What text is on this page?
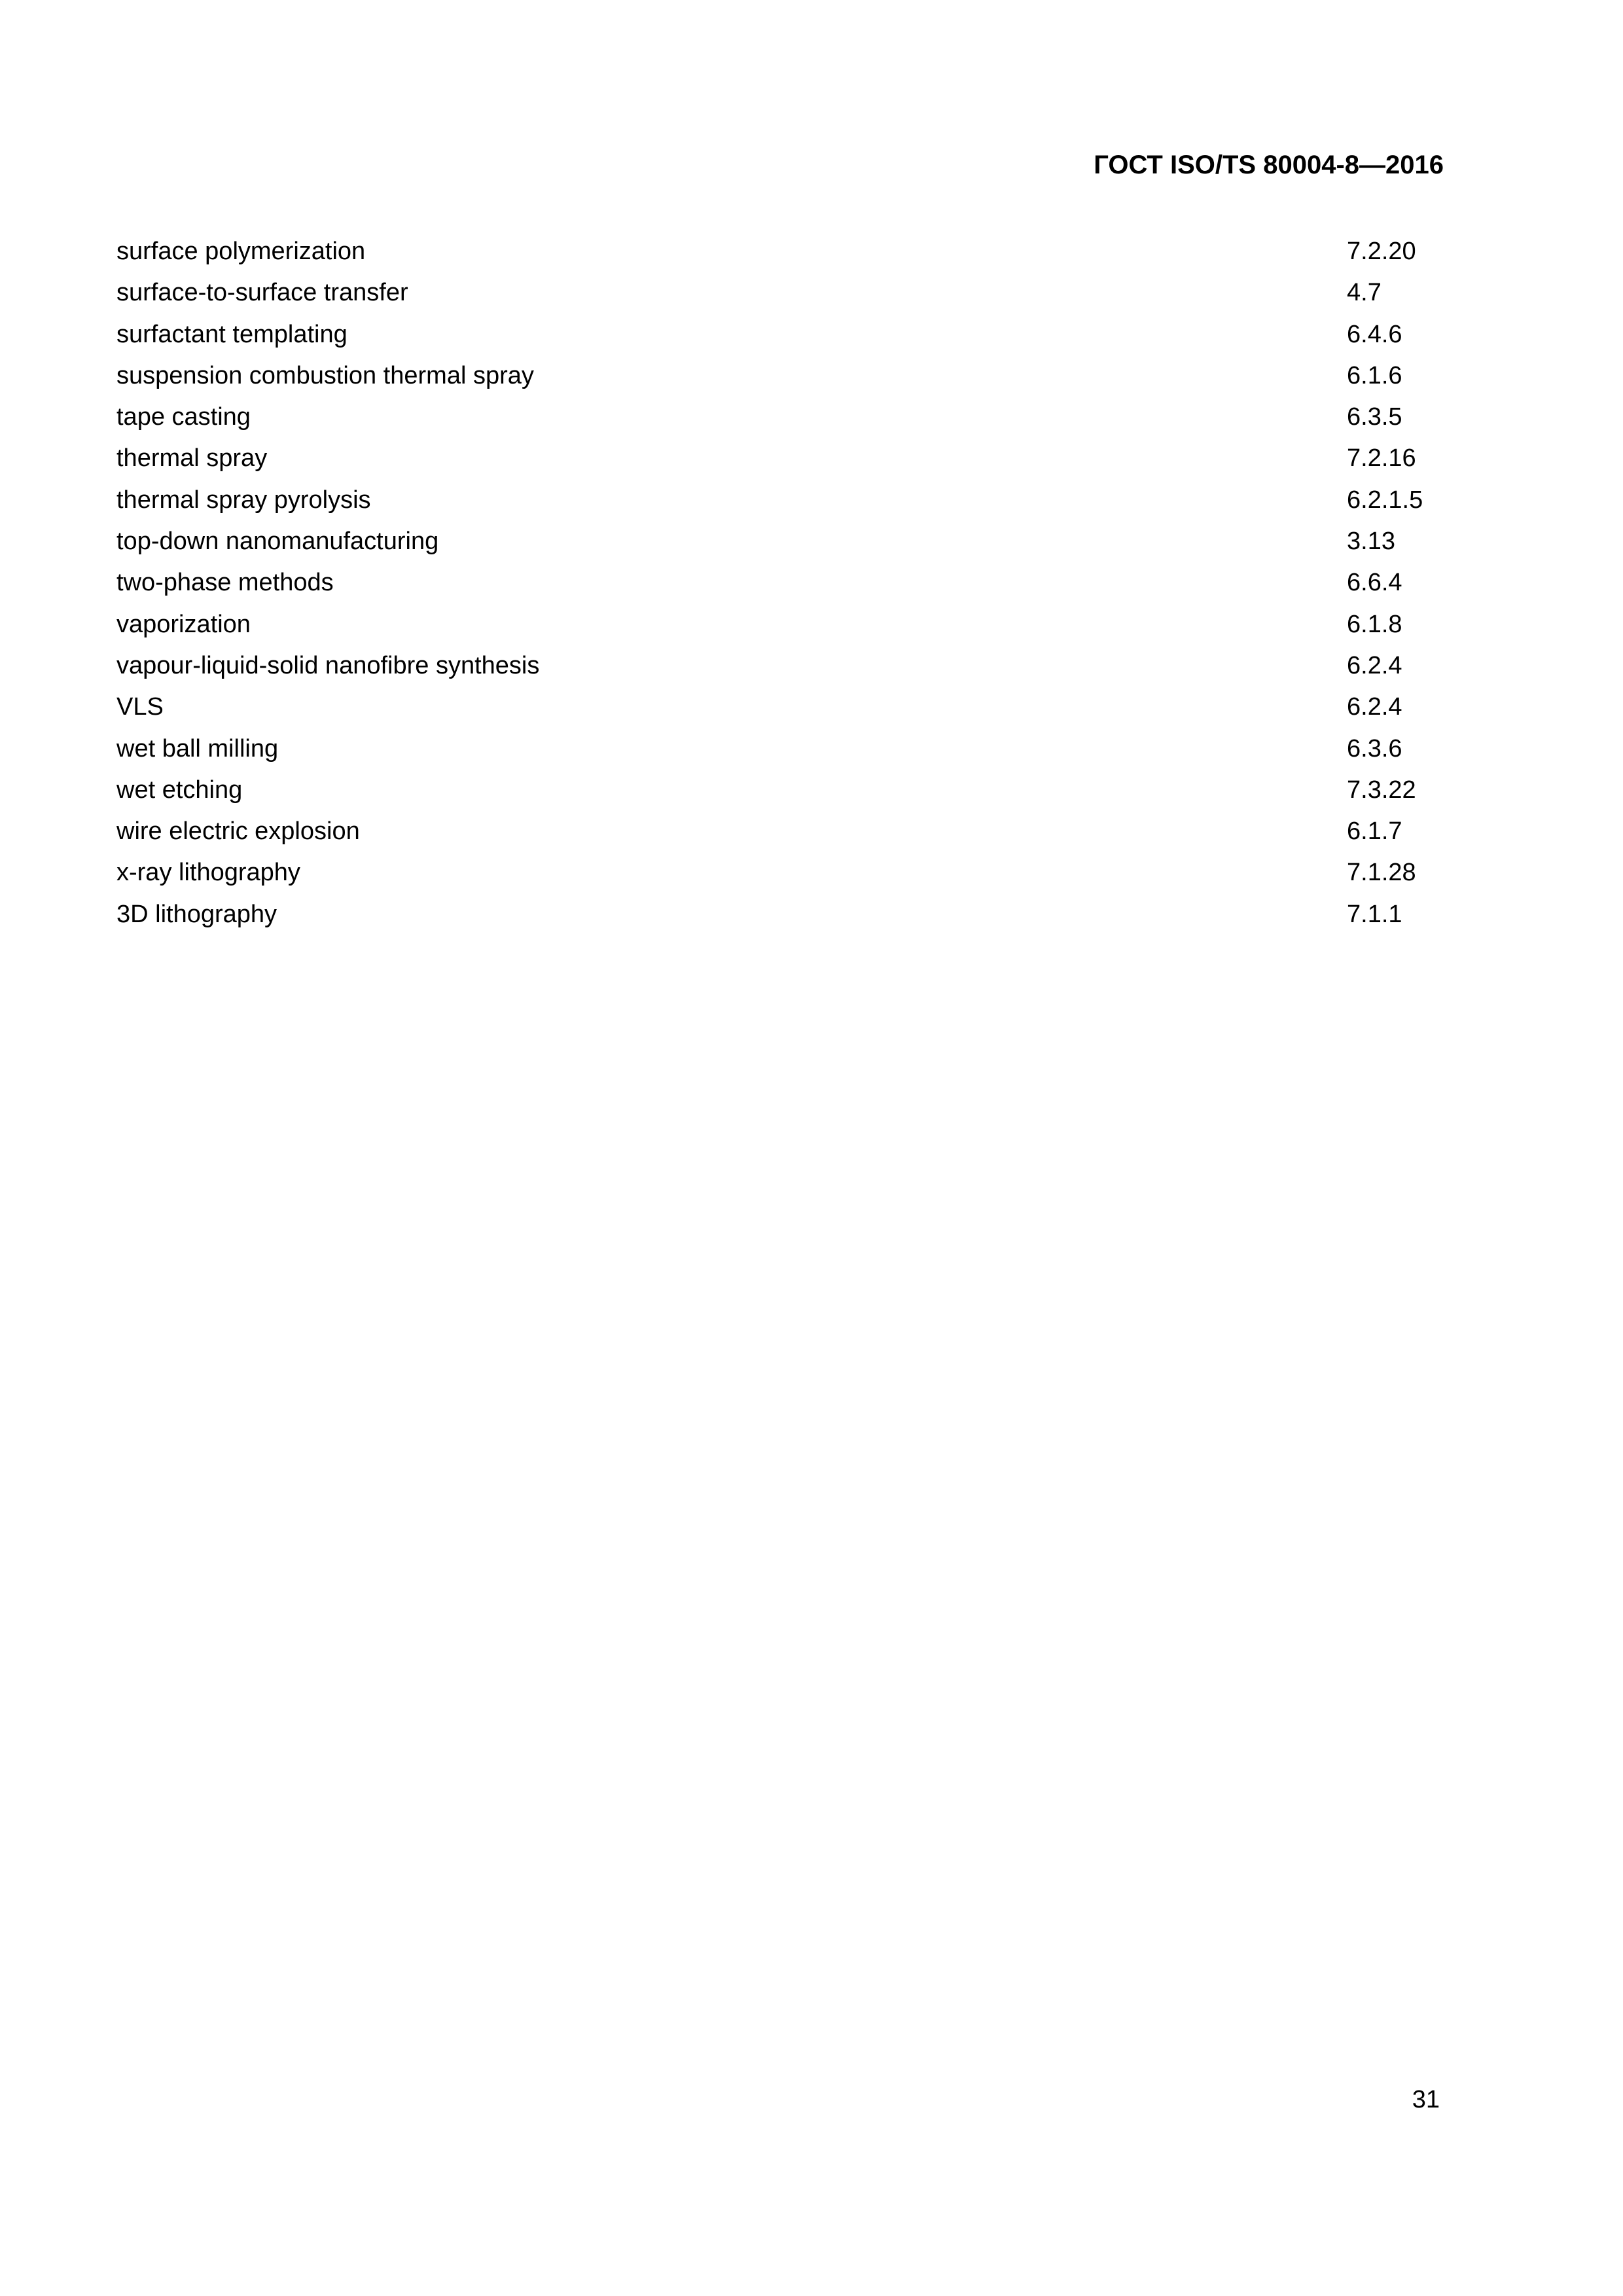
ГОСТ ISO/TS 80004-8—2016
surface polymerization	7.2.20
surface-to-surface transfer	4.7
surfactant templating	6.4.6
suspension combustion thermal spray	6.1.6
tape casting	6.3.5
thermal spray	7.2.16
thermal spray pyrolysis	6.2.1.5
top-down nanomanufacturing	3.13
two-phase methods	6.6.4
vaporization	6.1.8
vapour-liquid-solid nanofibre synthesis	6.2.4
VLS	6.2.4
wet ball milling	6.3.6
wet etching	7.3.22
wire electric explosion	6.1.7
x-ray lithography	7.1.28
3D lithography	7.1.1
31
